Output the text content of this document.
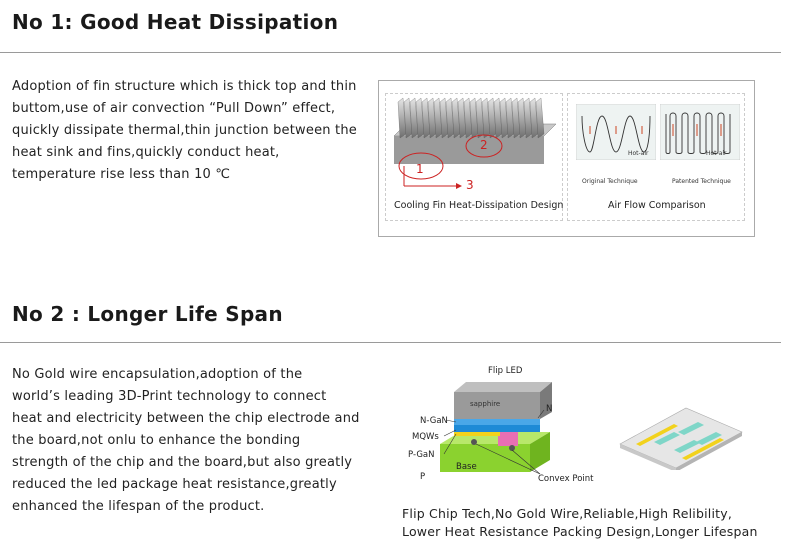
No 1: Good Heat Dissipation
Adoption of fin structure which is thick top and thin
buttom,use of air convection “Pull Down” effect,
quickly dissipate thermal,thin junction between the
heat sink and fins,quickly conduct heat,
temperature rise less than 10 ℃
2
1
3
Cooling Fin Heat-Dissipation Design
Hot-air	Hot-air
Original Technique	Patented Technique
Air Flow Comparison
No 2 : Longer Life Span
No Gold wire encapsulation,adoption of the
world’s leading 3D-Print technology to connect
heat and electricity between the chip electrode and
the board,not onlu to enhance the bonding
strength of the chip and the board,but also greatly
reduced the led package heat resistance,greatly
enhanced the lifespan of the product.
Flip LED
sapphire
N-GaN
MQWs
P-GaN
P
N
Base
Convex Point
Flip Chip Tech,No Gold Wire,Reliable,High Relibility,
Lower Heat Resistance Packing Design,Longer Lifespan
